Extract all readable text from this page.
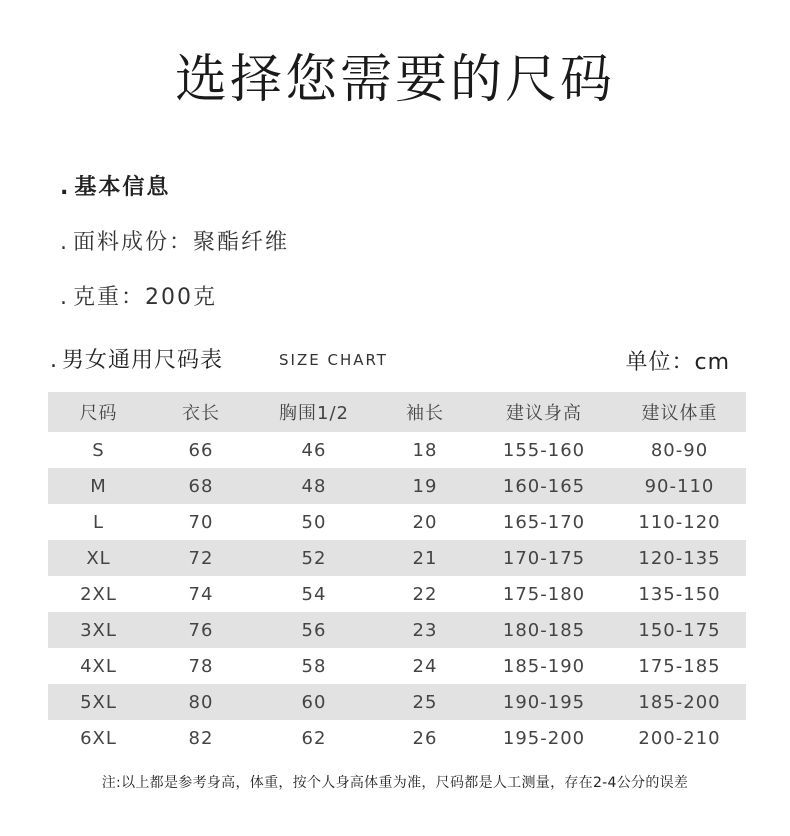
选择您需要的尺码
. 基本信息
. 面料成份：聚酯纤维
. 克重：200克
. 男女通用尺码表	SIZE CHART	单位：cm
尺码	衣长	胸围1/2	袖长	建议身高	建议体重
S	66	46	18	155-160	80-90
M	68	48	19	160-165	90-110
L	70	50	20	165-170	110-120
XL	72	52	21	170-175	120-135
2XL	74	54	22	175-180	135-150
3XL	76	56	23	180-185	150-175
4XL	78	58	24	185-190	175-185
5XL	80	60	25	190-195	185-200
6XL	82	62	26	195-200	200-210
注:以上都是参考身高，体重，按个人身高体重为准，尺码都是人工测量，存在2-4公分的误差
